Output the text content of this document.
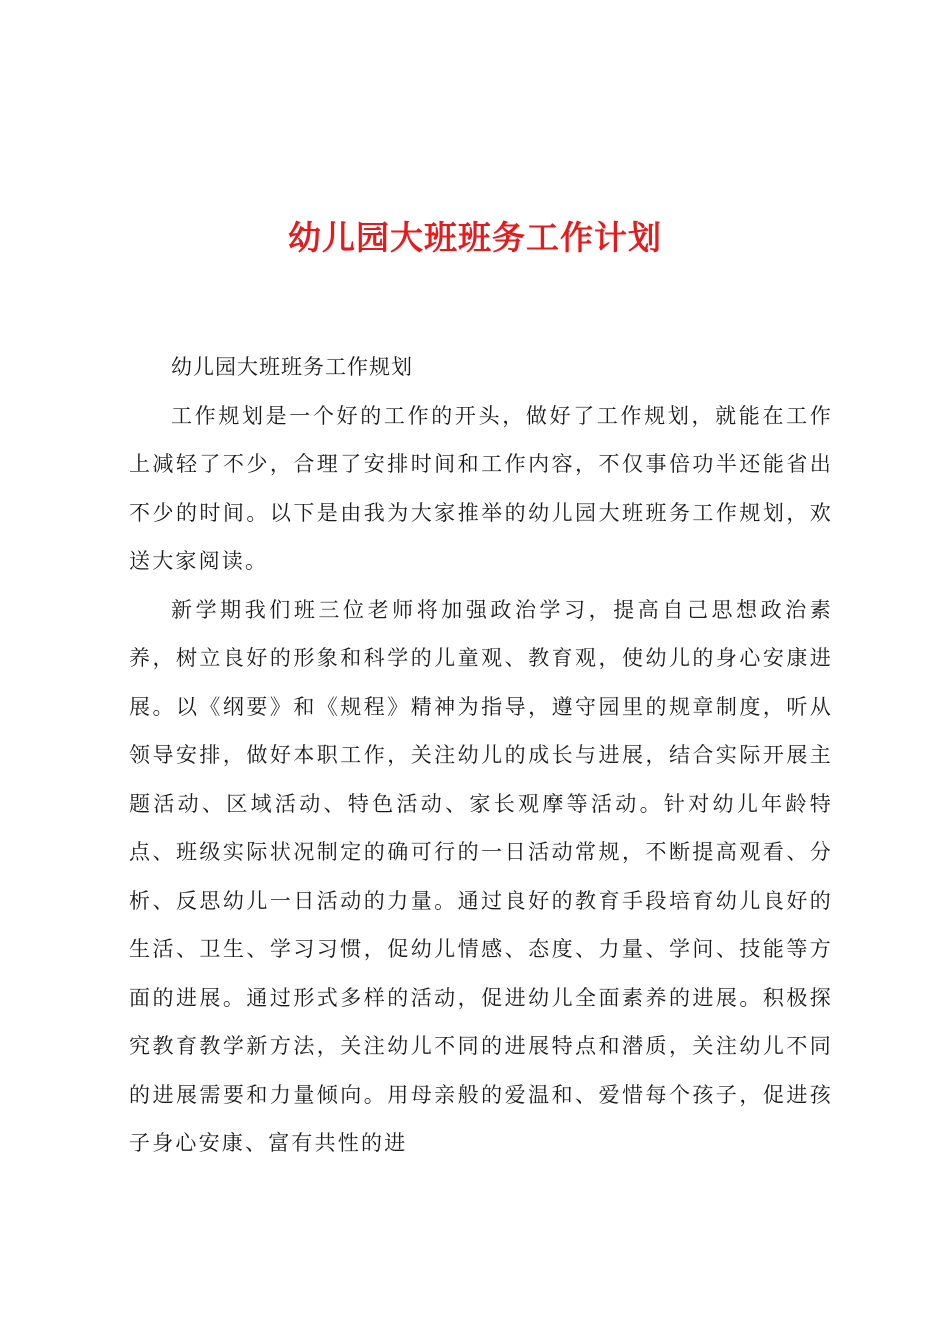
幼儿园大班班务工作计划

幼儿园大班班务工作规划

工作规划是一个好的工作的开头，做好了工作规划，就能在工作上减轻了不少，合理了安排时间和工作内容，不仅事倍功半还能省出不少的时间。以下是由我为大家推举的幼儿园大班班务工作规划，欢送大家阅读。

新学期我们班三位老师将加强政治学习，提高自己思想政治素养，树立良好的形象和科学的儿童观、教育观，使幼儿的身心安康进展。以《纲要》和《规程》精神为指导，遵守园里的规章制度，听从领导安排，做好本职工作，关注幼儿的成长与进展，结合实际开展主题活动、区域活动、特色活动、家长观摩等活动。针对幼儿年龄特点、班级实际状况制定的确可行的一日活动常规，不断提高观看、分析、反思幼儿一日活动的力量。通过良好的教育手段培育幼儿良好的生活、卫生、学习习惯，促幼儿情感、态度、力量、学问、技能等方面的进展。通过形式多样的活动，促进幼儿全面素养的进展。积极探究教育教学新方法，关注幼儿不同的进展特点和潜质，关注幼儿不同的进展需要和力量倾向。用母亲般的爱温和、爱惜每个孩子，促进孩子身心安康、富有共性的进
